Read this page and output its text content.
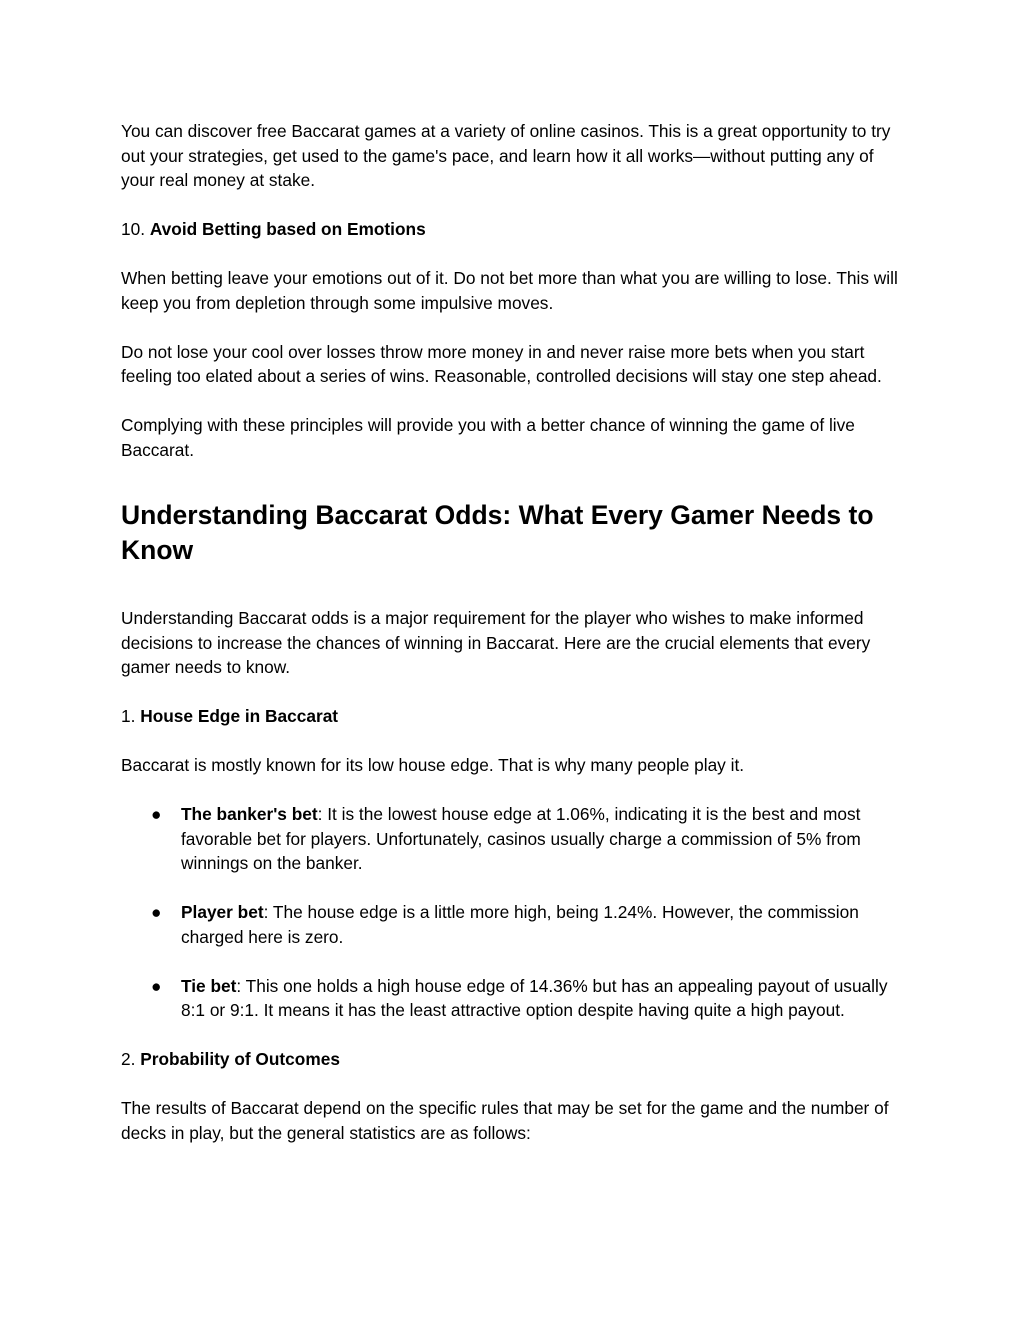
You can discover free Baccarat games at a variety of online casinos. This is a great opportunity to try out your strategies, get used to the game's pace, and learn how it all works—without putting any of your real money at stake.

10. Avoid Betting based on Emotions

When betting leave your emotions out of it. Do not bet more than what you are willing to lose. This will keep you from depletion through some impulsive moves.

Do not lose your cool over losses throw more money in and never raise more bets when you start feeling too elated about a series of wins. Reasonable, controlled decisions will stay one step ahead.

Complying with these principles will provide you with a better chance of winning the game of live Baccarat.

Understanding Baccarat Odds: What Every Gamer Needs to Know

Understanding Baccarat odds is a major requirement for the player who wishes to make informed decisions to increase the chances of winning in Baccarat. Here are the crucial elements that every gamer needs to know.

1. House Edge in Baccarat

Baccarat is mostly known for its low house edge. That is why many people play it.

● The banker's bet: It is the lowest house edge at 1.06%, indicating it is the best and most favorable bet for players. Unfortunately, casinos usually charge a commission of 5% from winnings on the banker.
● Player bet: The house edge is a little more high, being 1.24%. However, the commission charged here is zero.
● Tie bet: This one holds a high house edge of 14.36% but has an appealing payout of usually 8:1 or 9:1. It means it has the least attractive option despite having quite a high payout.

2. Probability of Outcomes

The results of Baccarat depend on the specific rules that may be set for the game and the number of decks in play, but the general statistics are as follows:
